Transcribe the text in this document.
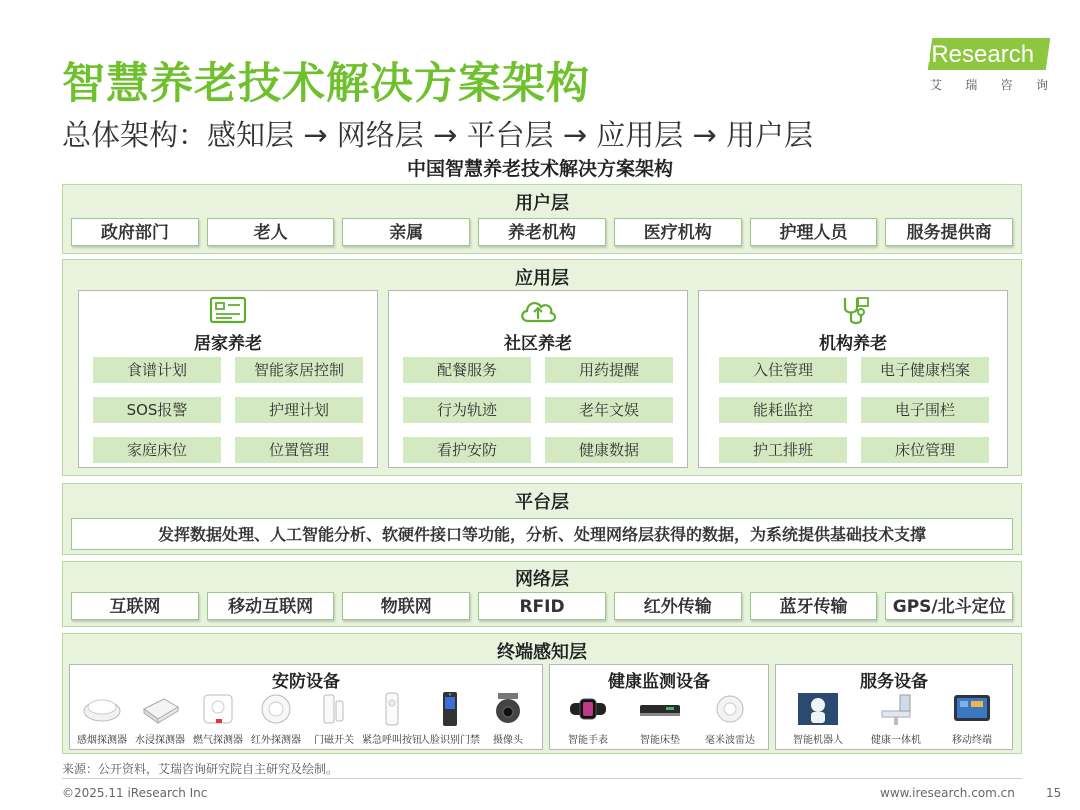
智慧养老技术解决方案架构
总体架构：感知层 → 网络层 → 平台层 → 应用层 → 用户层
iResearch
艾 瑞 咨 询
中国智慧养老技术解决方案架构
用户层
政府部门	老人	亲属	养老机构	医疗机构	护理人员	服务提供商
应用层
居家养老
食谱计划	智能家居控制
SOS报警	护理计划
家庭床位	位置管理
社区养老
配餐服务	用药提醒
行为轨迹	老年文娱
看护安防	健康数据
机构养老
入住管理	电子健康档案
能耗监控	电子围栏
护工排班	床位管理
平台层
发挥数据处理、人工智能分析、软硬件接口等功能，分析、处理网络层获得的数据，为系统提供基础技术支撑
网络层
互联网	移动互联网	物联网	RFID	红外传输	蓝牙传输	GPS/北斗定位
终端感知层
安防设备
感烟探测器 水浸探测器 燃气探测器 红外探测器	门磁开关 紧急呼叫按钮
人脸识别门禁	摄像头
健康监测设备
智能手表	智能床垫	毫米波雷达
服务设备
智能机器人	健康一体机	移动终端
来源：公开资料，艾瑞咨询研究院自主研究及绘制。
©2025.11 iResearch Inc	www.iresearch.com.cn	15
